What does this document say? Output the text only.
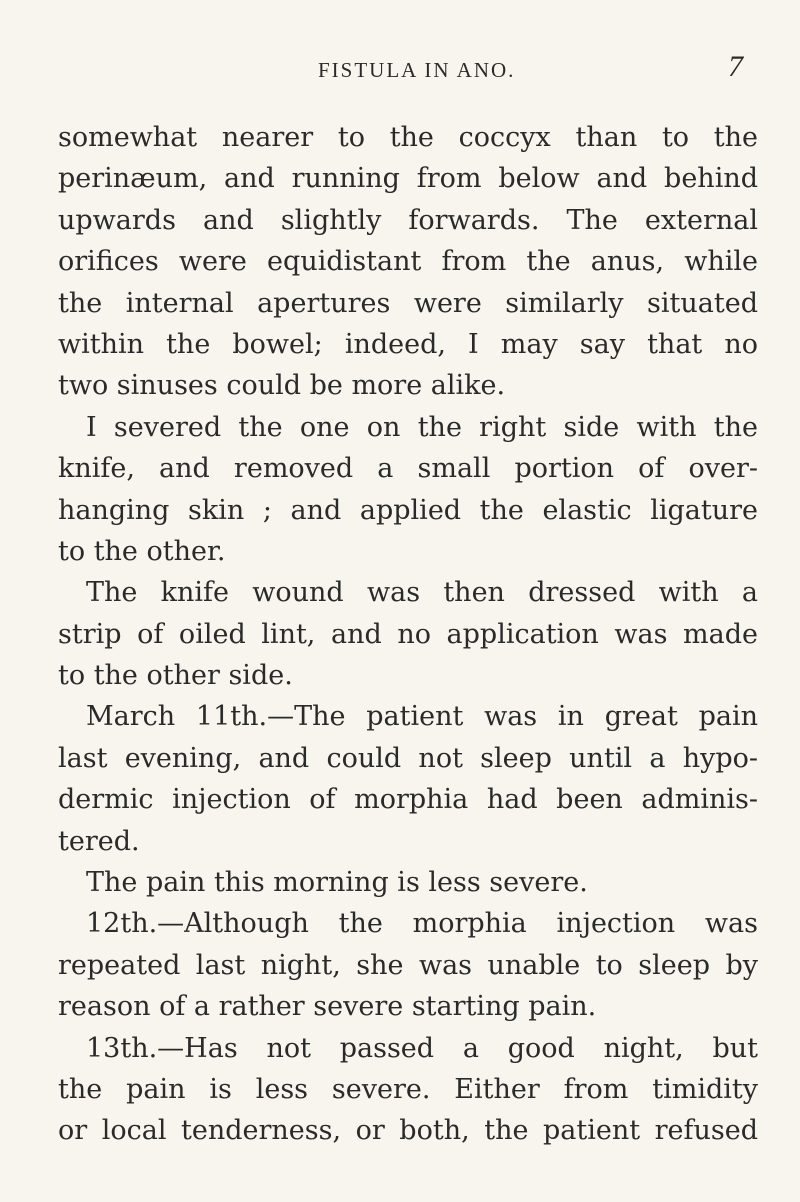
FISTULA IN ANO.	7
somewhat nearer to the coccyx than to the
perinæum, and running from below and behind
upwards and slightly forwards. The external
orifices were equidistant from the anus, while
the internal apertures were similarly situated
within the bowel; indeed, I may say that no
two sinuses could be more alike.
I severed the one on the right side with the
knife, and removed a small portion of over-
hanging skin ; and applied the elastic ligature
to the other.
The knife wound was then dressed with a
strip of oiled lint, and no application was made
to the other side.
March 11th.—The patient was in great pain
last evening, and could not sleep until a hypo-
dermic injection of morphia had been adminis-
tered.
The pain this morning is less severe.
12th.—Although the morphia injection was
repeated last night, she was unable to sleep by
reason of a rather severe starting pain.
13th.—Has not passed a good night, but
the pain is less severe. Either from timidity
or local tenderness, or both, the patient refused
